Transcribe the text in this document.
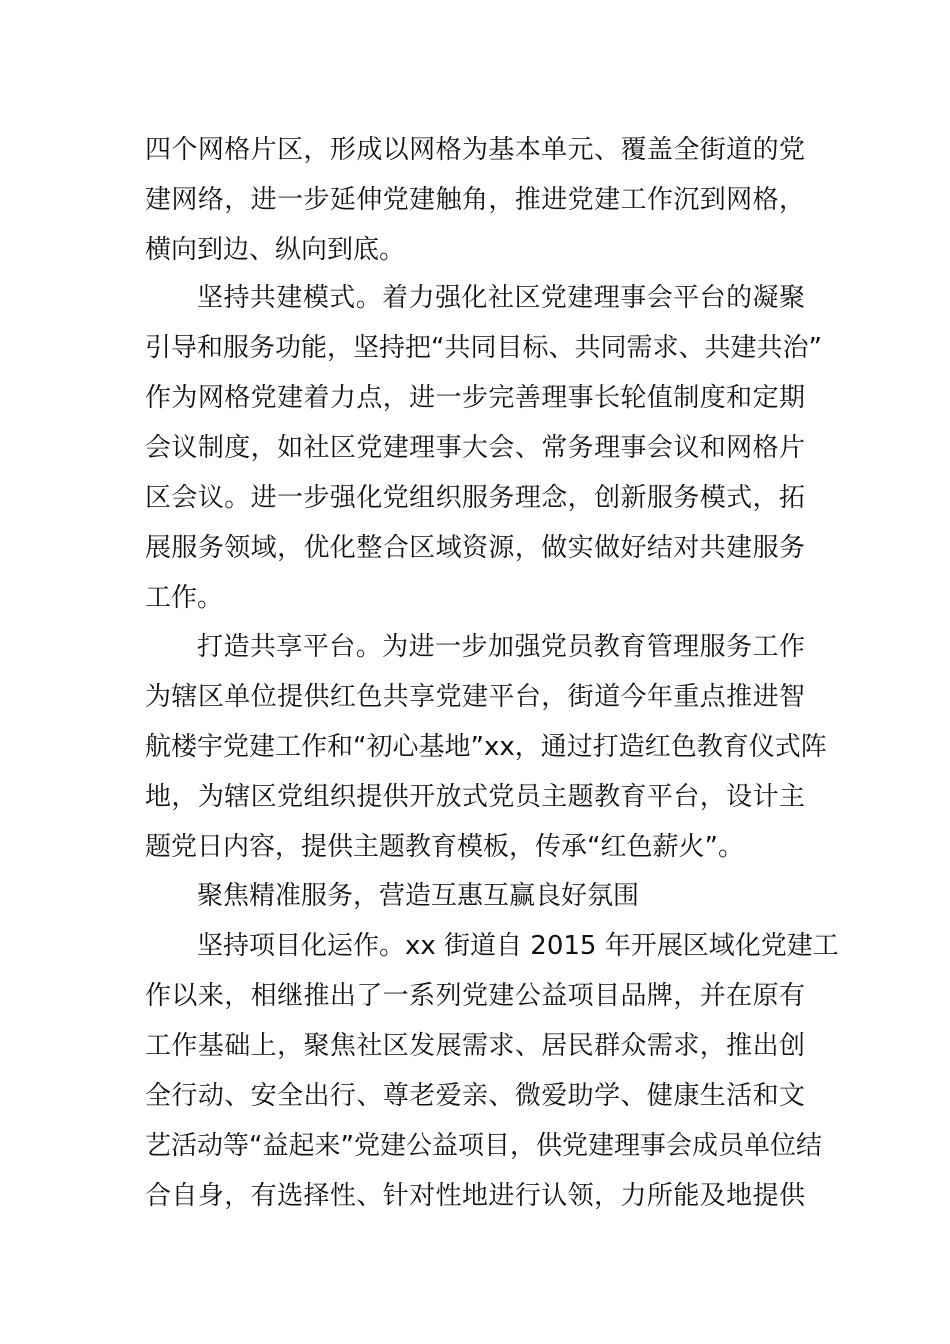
四个网格片区，形成以网格为基本单元、覆盖全街道的党
建网络，进一步延伸党建触角，推进党建工作沉到网格，
横向到边、纵向到底。
坚持共建模式。着力强化社区党建理事会平台的凝聚
引导和服务功能，坚持把“共同目标、共同需求、共建共治”
作为网格党建着力点，进一步完善理事长轮值制度和定期
会议制度，如社区党建理事大会、常务理事会议和网格片
区会议。进一步强化党组织服务理念，创新服务模式，拓
展服务领域，优化整合区域资源，做实做好结对共建服务
工作。
打造共享平台。为进一步加强党员教育管理服务工作
为辖区单位提供红色共享党建平台，街道今年重点推进智
航楼宇党建工作和“初心基地”xx，通过打造红色教育仪式阵
地，为辖区党组织提供开放式党员主题教育平台，设计主
题党日内容，提供主题教育模板，传承“红色薪火”。
聚焦精准服务，营造互惠互赢良好氛围
坚持项目化运作。xx 街道自 2015 年开展区域化党建工
作以来，相继推出了一系列党建公益项目品牌，并在原有
工作基础上，聚焦社区发展需求、居民群众需求，推出创
全行动、安全出行、尊老爱亲、微爱助学、健康生活和文
艺活动等“益起来”党建公益项目，供党建理事会成员单位结
合自身，有选择性、针对性地进行认领，力所能及地提供
